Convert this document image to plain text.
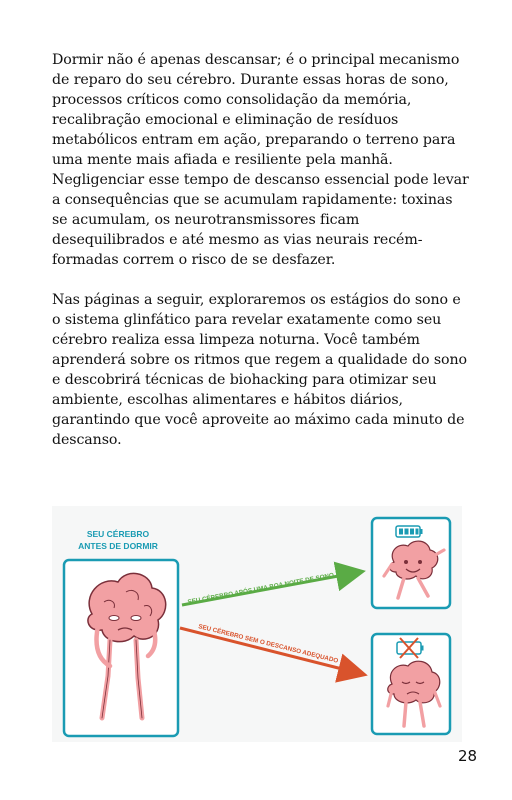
Dormir não é apenas descansar; é o principal mecanismo de reparo do seu cérebro. Durante essas horas de sono, processos críticos como consolidação da memória, recalibração emocional e eliminação de resíduos metabólicos entram em ação, preparando o terreno para uma mente mais afiada e resiliente pela manhã.

Negligenciar esse tempo de descanso essencial pode levar a consequências que se acumulam rapidamente: toxinas se acumulam, os neurotransmissores ficam desequilibrados e até mesmo as vias neurais recém-formadas correm o risco de se desfazer.

Nas páginas a seguir, exploraremos os estágios do sono e o sistema glinfático para revelar exatamente como seu cérebro realiza essa limpeza noturna. Você também aprenderá sobre os ritmos que regem a qualidade do sono e descobrirá técnicas de biohacking para otimizar seu ambiente, escolhas alimentares e hábitos diários, garantindo que você aproveite ao máximo cada minuto de descanso.

SEU CÉREBRO
ANTES DE DORMIR
SEU CÉREBRO APÓS UMA BOA NOITE DE SONO
SEU CÉREBRO SEM O DESCANSO ADEQUADO
28
